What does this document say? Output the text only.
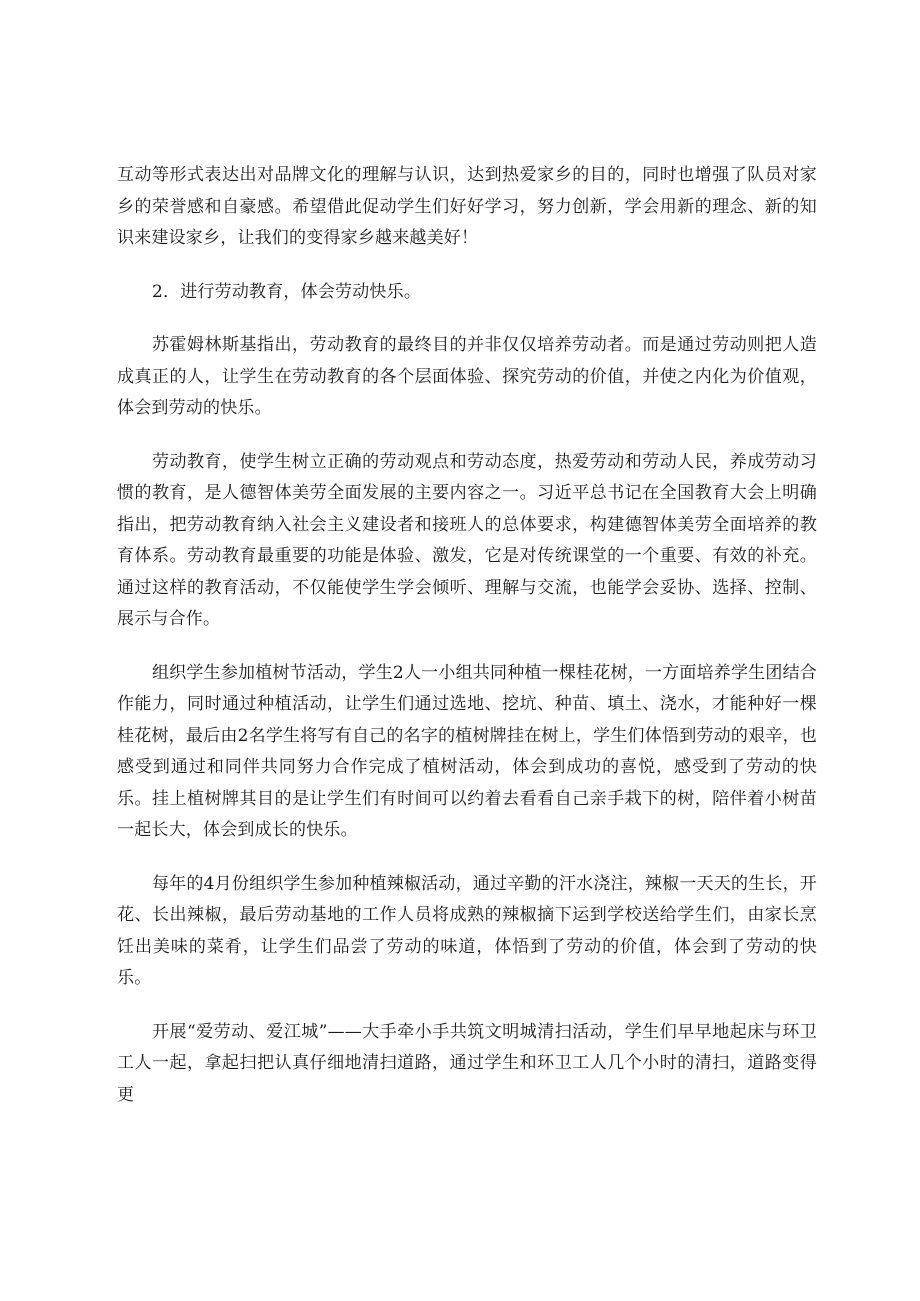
互动等形式表达出对品牌文化的理解与认识，达到热爱家乡的目的，同时也增强了队员对家乡的荣誉感和自豪感。希望借此促动学生们好好学习，努力创新，学会用新的理念、新的知识来建设家乡，让我们的变得家乡越来越美好！

2．进行劳动教育，体会劳动快乐。

苏霍姆林斯基指出，劳动教育的最终目的并非仅仅培养劳动者。而是通过劳动则把人造成真正的人，让学生在劳动教育的各个层面体验、探究劳动的价值，并使之内化为价值观，体会到劳动的快乐。

劳动教育，使学生树立正确的劳动观点和劳动态度，热爱劳动和劳动人民，养成劳动习惯的教育，是人德智体美劳全面发展的主要内容之一。习近平总书记在全国教育大会上明确指出，把劳动教育纳入社会主义建设者和接班人的总体要求，构建德智体美劳全面培养的教育体系。劳动教育最重要的功能是体验、激发，它是对传统课堂的一个重要、有效的补充。通过这样的教育活动，不仅能使学生学会倾听、理解与交流，也能学会妥协、选择、控制、展示与合作。

组织学生参加植树节活动，学生2人一小组共同种植一棵桂花树，一方面培养学生团结合作能力，同时通过种植活动，让学生们通过选地、挖坑、种苗、填土、浇水，才能种好一棵桂花树，最后由2名学生将写有自己的名字的植树牌挂在树上，学生们体悟到劳动的艰辛，也感受到通过和同伴共同努力合作完成了植树活动，体会到成功的喜悦，感受到了劳动的快乐。挂上植树牌其目的是让学生们有时间可以约着去看看自己亲手栽下的树，陪伴着小树苗一起长大，体会到成长的快乐。

每年的4月份组织学生参加种植辣椒活动，通过辛勤的汗水浇注，辣椒一天天的生长，开花、长出辣椒，最后劳动基地的工作人员将成熟的辣椒摘下运到学校送给学生们，由家长烹饪出美味的菜肴，让学生们品尝了劳动的味道，体悟到了劳动的价值，体会到了劳动的快乐。

开展“爱劳动、爱江城”——大手牵小手共筑文明城清扫活动，学生们早早地起床与环卫工人一起，拿起扫把认真仔细地清扫道路，通过学生和环卫工人几个小时的清扫，道路变得更
